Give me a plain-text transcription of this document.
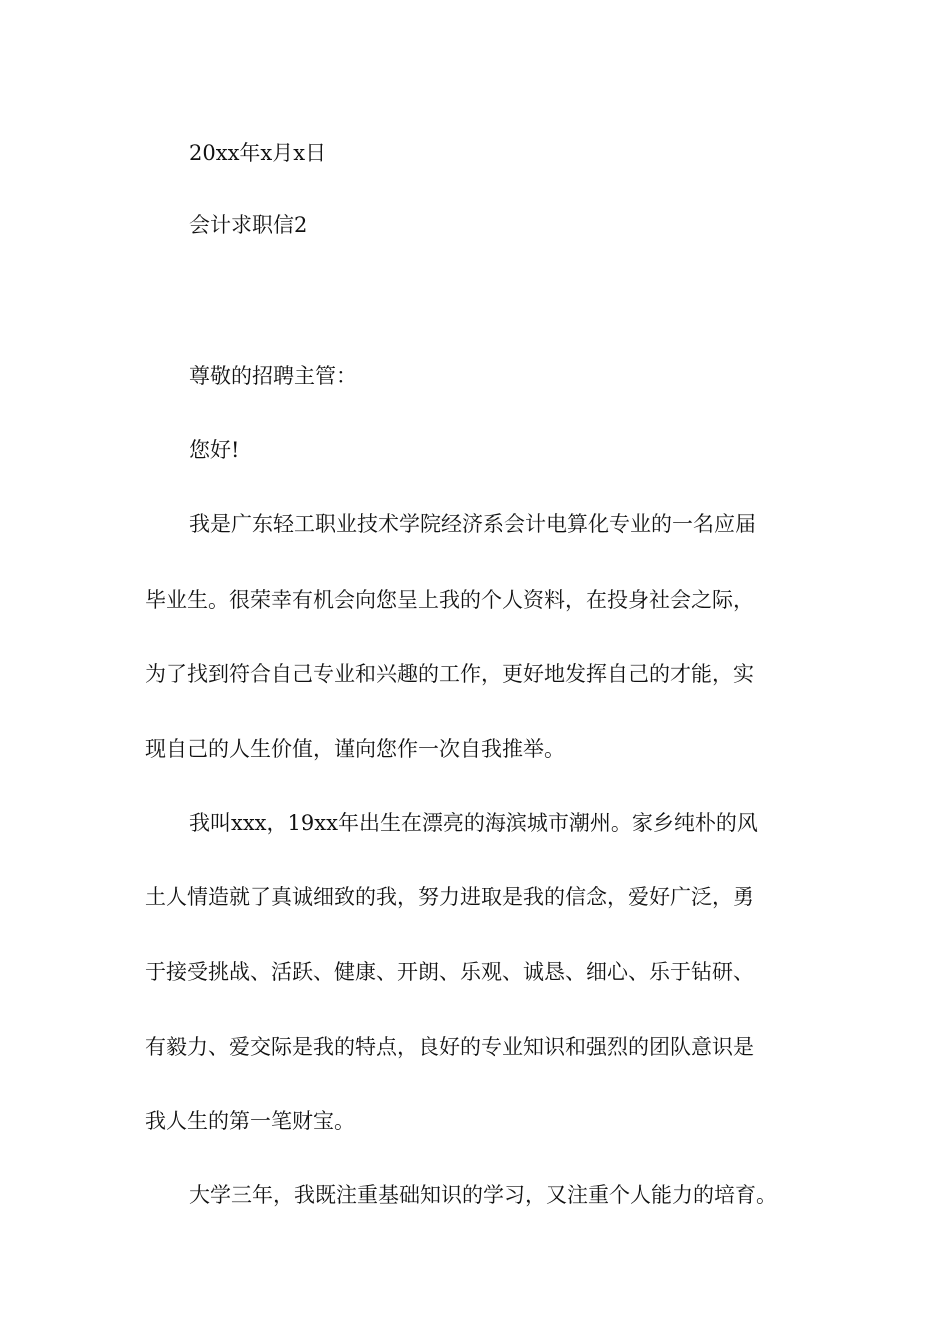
20xx年x月x日
会计求职信2
尊敬的招聘主管：
您好!
我是广东轻工职业技术学院经济系会计电算化专业的一名应届
毕业生。很荣幸有机会向您呈上我的个人资料，在投身社会之际，
为了找到符合自己专业和兴趣的工作，更好地发挥自己的才能，实
现自己的人生价值，谨向您作一次自我推举。
我叫xxx，19xx年出生在漂亮的海滨城市潮州。家乡纯朴的风
土人情造就了真诚细致的我，努力进取是我的信念，爱好广泛，勇
于接受挑战、活跃、健康、开朗、乐观、诚恳、细心、乐于钻研、
有毅力、爱交际是我的特点，良好的专业知识和强烈的团队意识是
我人生的第一笔财宝。
大学三年，我既注重基础知识的学习，又注重个人能力的培育。
